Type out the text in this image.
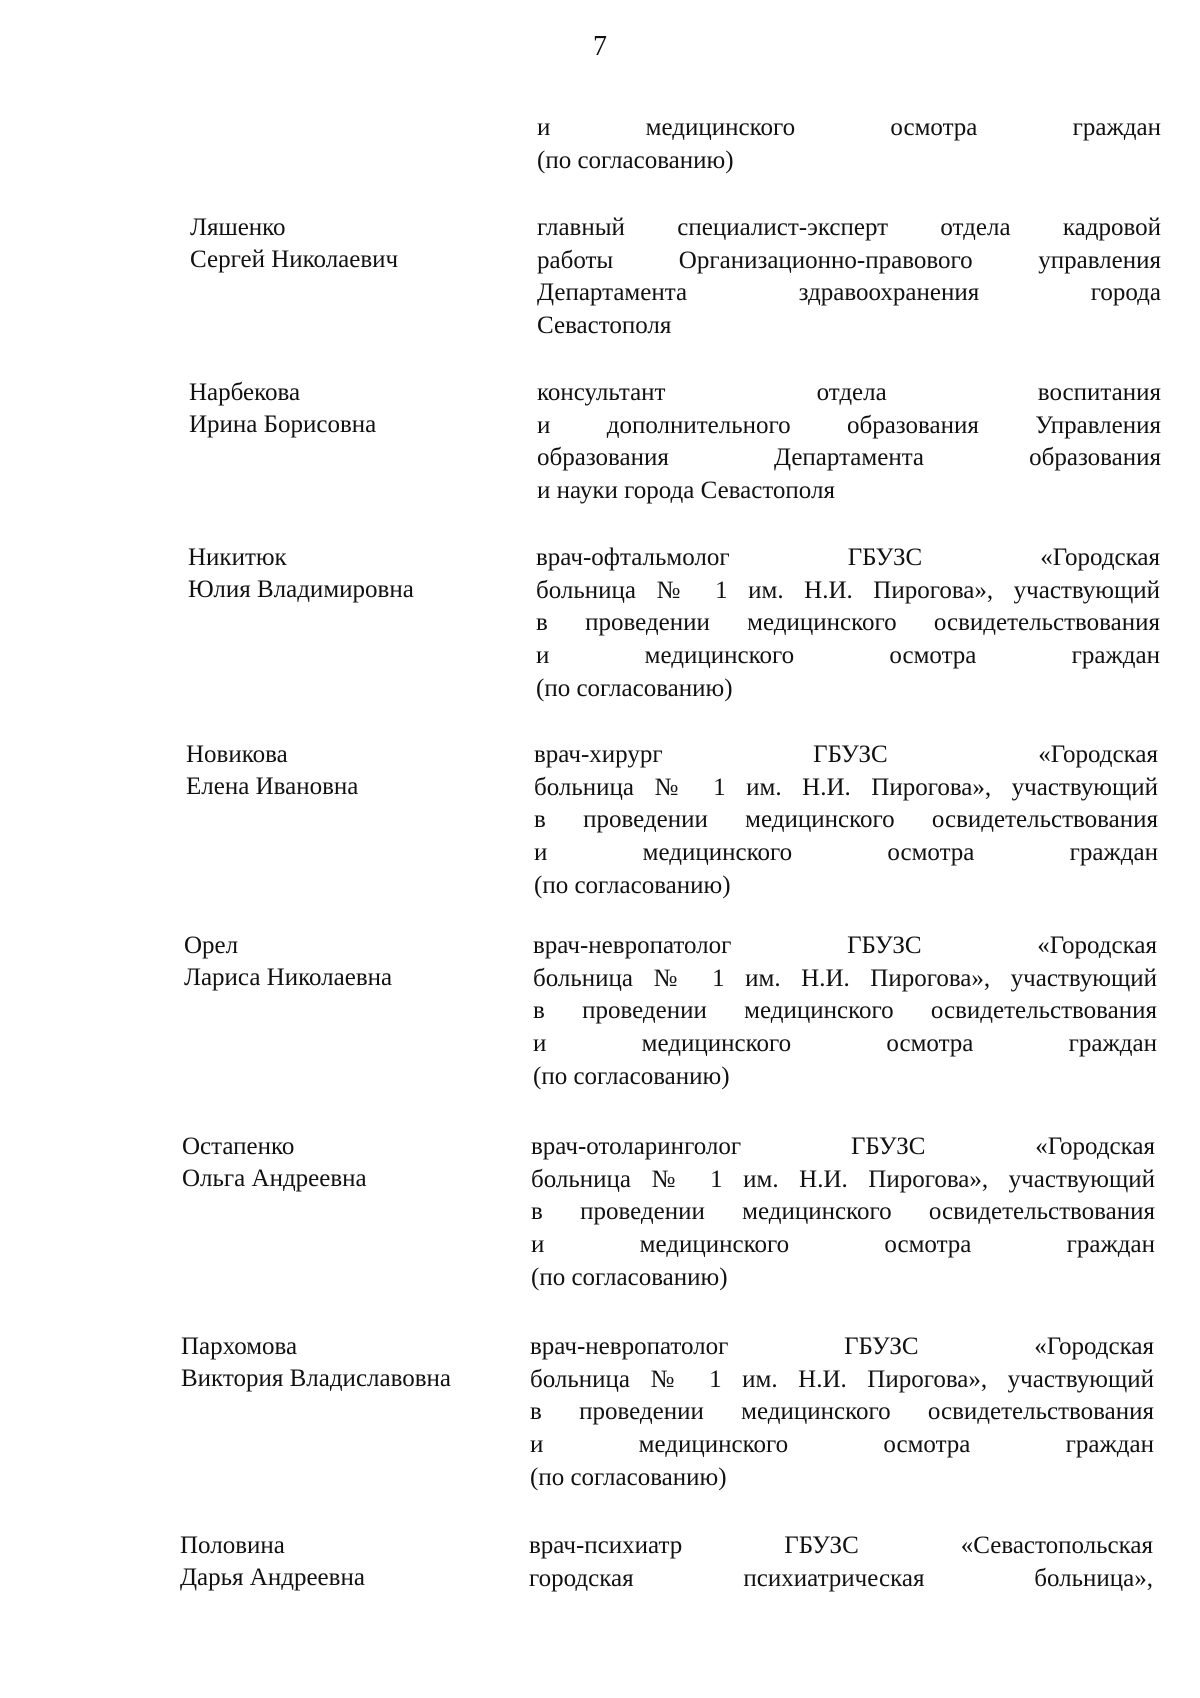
7
и медицинского осмотра граждан
(по согласованию)
Ляшенко
Сергей Николаевич
главный специалист-эксперт отдела кадровой
работы Организационно-правового управления
Департамента здравоохранения города
Севастополя
Нарбекова
Ирина Борисовна
консультант отдела воспитания
и дополнительного образования Управления
образования Департамента образования
и науки города Севастополя
Никитюк
Юлия Владимировна
врач-офтальмолог ГБУЗС «Городская
больница № 1 им. Н.И. Пирогова», участвующий
в проведении медицинского освидетельствования
и медицинского осмотра граждан
(по согласованию)
Новикова
Елена Ивановна
врач-хирург ГБУЗС «Городская
больница № 1 им. Н.И. Пирогова», участвующий
в проведении медицинского освидетельствования
и медицинского осмотра граждан
(по согласованию)
Орел
Лариса Николаевна
врач-невропатолог ГБУЗС «Городская
больница № 1 им. Н.И. Пирогова», участвующий
в проведении медицинского освидетельствования
и медицинского осмотра граждан
(по согласованию)
Остапенко
Ольга Андреевна
врач-отоларинголог ГБУЗС «Городская
больница № 1 им. Н.И. Пирогова», участвующий
в проведении медицинского освидетельствования
и медицинского осмотра граждан
(по согласованию)
Пархомова
Виктория Владиславовна
врач-невропатолог ГБУЗС «Городская
больница № 1 им. Н.И. Пирогова», участвующий
в проведении медицинского освидетельствования
и медицинского осмотра граждан
(по согласованию)
Половина
Дарья Андреевна
врач-психиатр ГБУЗС «Севастопольская
городская психиатрическая больница»,
